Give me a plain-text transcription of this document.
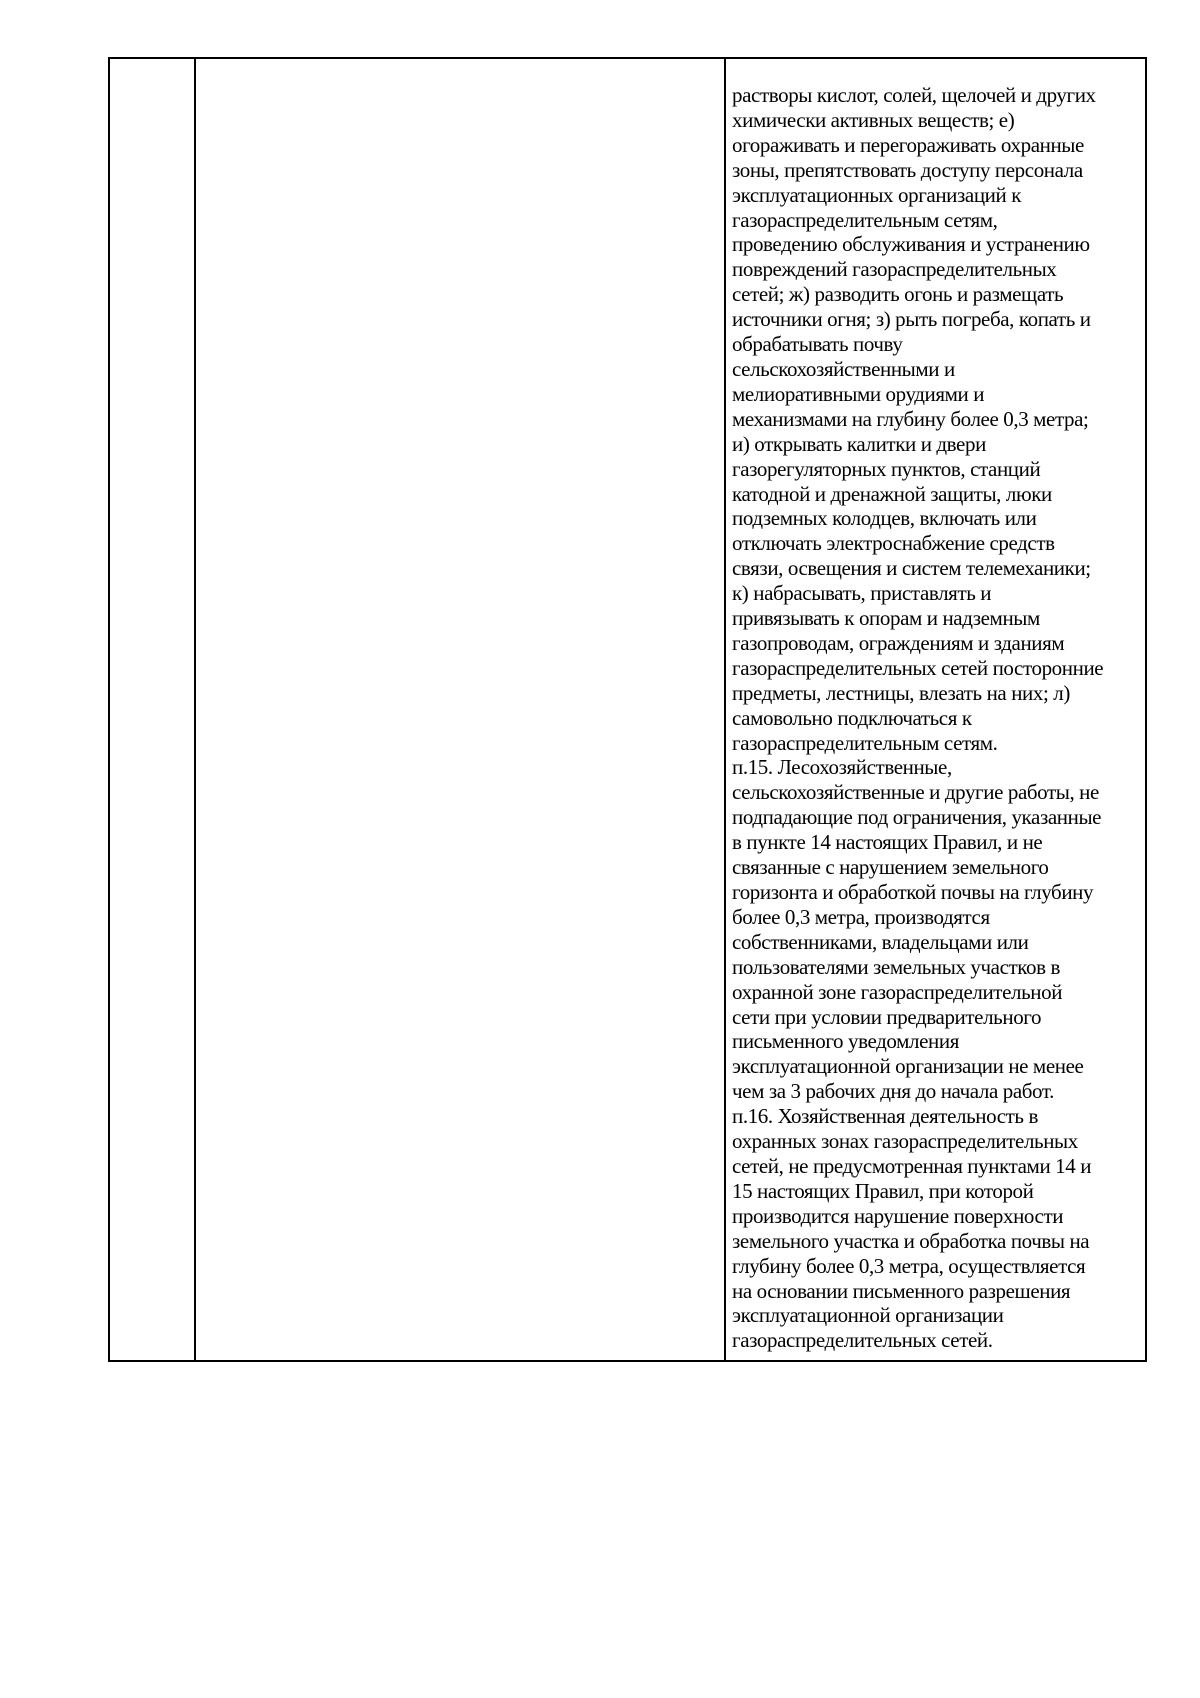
растворы кислот, солей, щелочей и других
химически активных веществ; е)
огораживать и перегораживать охранные
зоны, препятствовать доступу персонала
эксплуатационных организаций к
газораспределительным сетям,
проведению обслуживания и устранению
повреждений газораспределительных
сетей; ж) разводить огонь и размещать
источники огня; з) рыть погреба, копать и
обрабатывать почву
сельскохозяйственными и
мелиоративными орудиями и
механизмами на глубину более 0,3 метра;
и) открывать калитки и двери
газорегуляторных пунктов, станций
катодной и дренажной защиты, люки
подземных колодцев, включать или
отключать электроснабжение средств
связи, освещения и систем телемеханики;
к) набрасывать, приставлять и
привязывать к опорам и надземным
газопроводам, ограждениям и зданиям
газораспределительных сетей посторонние
предметы, лестницы, влезать на них; л)
самовольно подключаться к
газораспределительным сетям.
п.15. Лесохозяйственные,
сельскохозяйственные и другие работы, не
подпадающие под ограничения, указанные
в пункте 14 настоящих Правил, и не
связанные с нарушением земельного
горизонта и обработкой почвы на глубину
более 0,3 метра, производятся
собственниками, владельцами или
пользователями земельных участков в
охранной зоне газораспределительной
сети при условии предварительного
письменного уведомления
эксплуатационной организации не менее
чем за 3 рабочих дня до начала работ.
п.16. Хозяйственная деятельность в
охранных зонах газораспределительных
сетей, не предусмотренная пунктами 14 и
15 настоящих Правил, при которой
производится нарушение поверхности
земельного участка и обработка почвы на
глубину более 0,3 метра, осуществляется
на основании письменного разрешения
эксплуатационной организации
газораспределительных сетей.
